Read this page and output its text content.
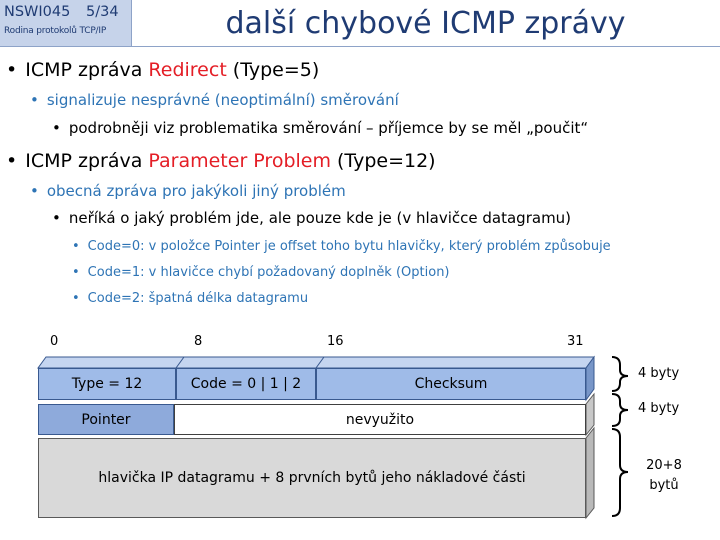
NSWI045 5/34
Rodina protokolů TCP/IP	další chybové ICMP zprávy
• ICMP zpráva Redirect (Type=5)
• signalizuje nesprávné (neoptimální) směrování
• podrobněji viz problematika směrování – příjemce by se měl „poučit“
• ICMP zpráva Parameter Problem (Type=12)
• obecná zpráva pro jakýkoli jiný problém
• neříká o jaký problém jde, ale pouze kde je (v hlavičce datagramu)
• Code=0: v položce Pointer je offset toho bytu hlavičky, který problém způsobuje
• Code=1: v hlavičce chybí požadovaný doplněk (Option)
• Code=2: špatná délka datagramu
0	8	16	31
Type = 12	Code = 0 | 1 | 2	Checksum
Pointer	nevyužito
hlavička IP datagramu + 8 prvních bytů jeho nákladové části
4 byty
4 byty
20+8 bytů
